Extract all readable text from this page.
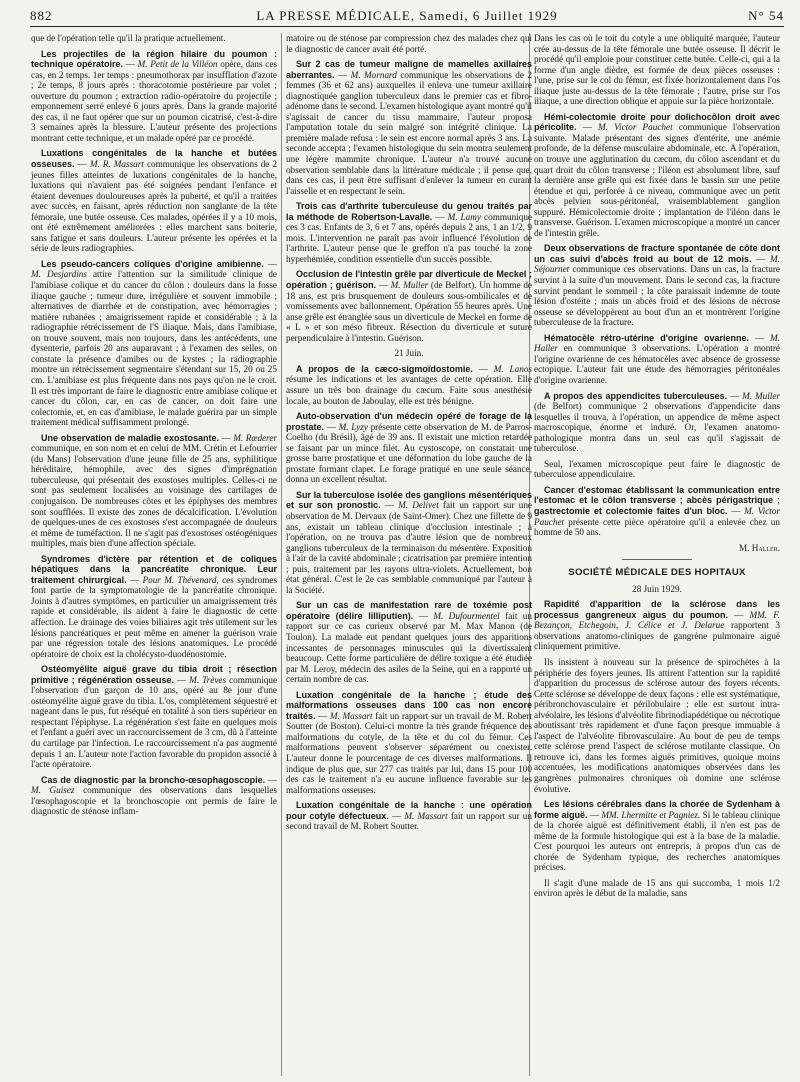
882	LA PRESSE MÉDICALE, Samedi, 6 Juillet 1929	N° 54

que de l'opération telle qu'il la pratique actuellement.

Les projectiles de la région hilaire du poumon : technique opératoire. — M. Petit de la Villéon opère, dans ces cas, en 2 temps. 1er temps : pneumothorax par insufflation d'azote ; 2e temps, 8 jours après : thoracotomie postérieure par volet ; ouverture du poumon ; extraction radio-opératoire du projectile ; emponnement serré enlevé 6 jours après. Dans la grande majorité des cas, il ne faut opérer que sur un poumon cicatrisé, c'est-à-dire 3 semaines après la blessure. L'auteur présente des projections montrant cette technique, et un malade opéré par ce procédé.

Luxations congénitales de la hanche et butées osseuses. — M. R. Massart communique les observations de 2 jeunes filles atteintes de luxations congénitales de la hanche, luxations qui n'avaient pas été soignées pendant l'enfance et étaient devenues douloureuses après la puberté, et qu'il a traitées avec succès, en faisant, après réduction non sanglante de la tête fémorale, une butée osseuse. Ces malades, opérées il y a 10 mois, ont été extrêmement améliorées : elles marchent sans boiterie, sans fatigue et sans douleurs. L'auteur présente les opérées et la série de leurs radiographies.

Les pseudo-cancers coliques d'origine amibienne. — M. Desjardins attire l'attention sur la similitude clinique de l'amibiase colique et du cancer du côlon : douleurs dans la fosse iliaque gauche ; tumeur dure, irrégulière et souvent immobile ; alternatives de diarrhée et de constipation, avec hémorragies ; matière rubanées ; amaigrissement rapide et considérable ; à la radiographie rétrécissement de l'S iliaque. Mais, dans l'amibiase, on trouve souvent, mais non toujours, dans les antécédents, une dysenterie, parfois 20 ans auparavant ; à l'examen des selles, on constate la présence d'amibes ou de kystes ; la radiographie montre un rétrécissement segmentaire s'étendant sur 15, 20 ou 25 cm. L'amibiase est plus fréquente dans nos pays qu'on ne le croit. Il est très important de faire le diagnostic entre amibiase colique et cancer du côlon, car, en cas de cancer, on doit faire une colectomie, et, en cas d'amibiase, le malade guérira par un simple traitement médical suffisamment prolongé.

Une observation de maladie exostosante. — M. Rœderer communique, en son nom et en celui de MM. Crétin et Lefourrier (du Mans) l'observation d'une jeune fille de 25 ans, syphilitique héréditaire, hémophile, avec des signes d'imprégnation tuberculeuse, qui présentait des exostoses multiples. Celles-ci ne sont pas seulement localisées au voisinage des cartilages de conjugaison. De nombreuses côtes et les épiphyses des membres sont soufflées. Il existe des zones de décalcification. L'évolution de quelques-unes de ces exostoses s'est accompagnée de douleurs et même de tuméfaction. Il ne s'agit pas d'exostoses ostéogéniques multiples, mais bien d'une affection spéciale.

Syndromes d'ictère par rétention et de coliques hépatiques dans la pancréatite chronique. Leur traitement chirurgical. — Pour M. Thévenard, ces syndromes font partie de la symptomatologie de la pancréatite chronique. Joints à d'autres symptômes, en particulier un amaigrissement très rapide et considérable, ils aident à faire le diagnostic de cette affection. Le drainage des voies biliaires agit très utilement sur les lésions pancréatiques et peut même en amener la guérison vraie par une régression totale des lésions anatomiques. Le procédé opératoire de choix est la cholécysto-duodénostomie.

Ostéomyélite aiguë grave du tibia droit ; résection primitive ; régénération osseuse. — M. Trèves communique l'observation d'un garçon de 10 ans, opéré au 8e jour d'une ostéomyélite aiguë grave du tibia. L'os, complètement séquestré et nageant dans le pus, fut réséqué en totalité à son tiers supérieur en respectant l'épiphyse. La régénération s'est faite en quelques mois et l'enfant a guéri avec un raccourcissement de 3 cm, dû à l'atteinte du cartilage par l'infection. Le raccourcissement n'a pas augmenté depuis 1 an. L'auteur note l'action favorable du propidon associé à l'acte opératoire.

Cas de diagnostic par la broncho-œsophagoscopie. — M. Guisez communique des observations dans lesquelles l'œsophagoscopie et la bronchoscopie ont permis de faire le diagnostic de sténose inflam-

matoire ou de sténose par compression chez des malades chez qui le diagnostic de cancer avait été porté.

Sur 2 cas de tumeur maligne de mamelles axillaires aberrantes. — M. Mornard communique les observations de 2 femmes (36 et 62 ans) auxquelles il enleva une tumeur axillaire diagnostiquée ganglion tuberculeux dans le premier cas et fibro-adénome dans le second. L'examen histologique ayant montré qu'il s'agissait de cancer du tissu mammaire, l'auteur proposa l'amputation totale du sein malgré son intégrité clinique. La première malade refusa : le sein est encore normal après 3 ans. La seconde accepta ; l'examen histologique du sein montra seulement une légère mammite chronique. L'auteur n'a trouvé aucune observation semblable dans la littérature médicale ; il pense que, dans ces cas, il peut être suffisant d'enlever la tumeur en curant l'aisselle et en respectant le sein.

Trois cas d'arthrite tuberculeuse du genou traités par la méthode de Robertson-Lavalle. — M. Lamy communique ces 3 cas. Enfants de 3, 6 et 7 ans, opérés depuis 2 ans, 1 an 1/2, 9 mois. L'intervention ne paraît pas avoir influencé l'évolution de l'arthrite. L'auteur pense que le greffon n'a pas touché la zone hyperhémiée, condition essentielle d'un succès possible.

Occlusion de l'intestin grêle par diverticule de Meckel ; opération ; guérison. — M. Muller (de Belfort). Un homme de 18 ans, est pris brusquement de douleurs sous-ombilicales et de vomissements avec ballonnement. Opération 55 heures après. Une anse grêle est étranglée sous un diverticule de Meckel en forme de « L » et son méso fibreux. Résection du diverticule et suture perpendiculaire à l'intestin. Guérison.

21 Juin.

A propos de la cæco-sigmoïdostomie. — M. Lanos résume les indications et les avantages de cette opération. Elle assure un très bon drainage du cæcum. Faite sous anesthésie locale, au bouton de Jaboulay, elle est très bénigne.

Auto-observation d'un médecin opéré de forage de la prostate. — M. Lyzy présente cette observation de M. de Parros-Coelho (du Brésil), âgé de 39 ans. Il existait une miction retardée se faisant par un mince filet. Au cystoscope, on constatait une grosse barre prostatique et une déformation du lobe gauche de la prostate formant clapet. Le forage pratiqué en une seule séance, donna un excellent résultat.

Sur la tuberculose isolée des ganglions mésentériques et sur son pronostic. — M. Delivet fait un rapport sur une observation de M. Dervaux (de Saint-Omer). Chez une fillette de 9 ans, existait un tableau clinique d'occlusion intestinale ; à l'opération, on ne trouva pas d'autre lésion que de nombreux ganglions tuberculeux de la terminaison du mésentère. Exposition à l'air de la cavité abdominale ; cicatrisation par première intention ; puis, traitement par les rayons ultra-violets. Actuellement, bon état général. C'est le 2e cas semblable communiqué par l'auteur à la Société.

Sur un cas de manifestation rare de toxémie post opératoire (délire lilliputien). — M. Dufourmentel fait un rapport sur ce cas curieux observé par M. Max Manon (de Toulon). La malade eut pendant quelques jours des apparitions incessantes de personnages minuscules qui la divertissaient beaucoup. Cette forme particulière de délire toxique a été étudiée par M. Leroy, médecin des asiles de la Seine, qui en a rapporté un certain nombre de cas.

Luxation congénitale de la hanche ; étude des malformations osseuses dans 100 cas non encore traités. — M. Massart fait un rapport sur un travail de M. Robert Soutter (de Boston). Celui-ci montre la très grande fréquence des malformations du cotyle, de la tête et du col du fémur. Ces malformations peuvent s'observer séparément ou coexister. L'auteur donne le pourcentage de ces diverses malformations. Il indique de plus que, sur 277 cas traités par lui, dans 15 pour 100 des cas le traitement n'a eu aucune influence favorable sur les malformations osseuses.

Luxation congénitale de la hanche : une opération pour cotyle défectueux. — M. Massart fait un rapport sur un second travail de M. Robert Soutter.

Dans les cas où le toit du cotyle a une obliquité marquée, l'auteur crée au-dessus de la tête fémorale une butée osseuse. Il décrit le procédé qu'il emploie pour constituer cette butée. Celle-ci, qui a la forme d'un angle dièdre, est formée de deux pièces osseuses : l'une, prise sur le col du fémur, est fixée horizontalement dans l'os iliaque juste au-dessus de la tête fémorale ; l'autre, prise sur l'os iliaque, a une direction oblique et appuie sur la pièce horizontale.

Hémi-colectomie droite pour dolichocôlon droit avec péricolite. — M. Victor Pauchet communique l'observation suivante. Malade présentant des signes d'entérite, une anémie profonde, de la défense musculaire abdominale, etc. A l'opération, on trouve une agglutination du cæcum, du côlon ascendant et du quart droit du côlon transverse ; l'iléon est absolument libre, sauf la dernière anse grêle qui est fixée dans le bassin sur une petite étendue et qui, perforée à ce niveau, communique avec un petit abcès pelvien sous-péritonéal, vraisemblablement ganglion suppuré. Hémicolectomie droite ; implantation de l'iléon dans le transverse. Guérison. L'examen microscopique a montré un cancer de l'intestin grêle.

Deux observations de fracture spontanée de côte dont un cas suivi d'abcès froid au bout de 12 mois. — M. Séjournet communique ces observations. Dans un cas, la fracture survint à la suite d'un mouvement. Dans le second cas, la fracture survint pendant le sommeil ; la côte paraissait indemne de toute lésion d'ostéite ; mais un abcès froid et des lésions de nécrose osseuse se développèrent au bout d'un an et montrèrent l'origine tuberculeuse de la fracture.

Hématocèle rétro-utérine d'origine ovarienne. — M. Haller en communique 3 observations. L'opération a montré l'origine ovarienne de ces hématocèles avec absence de grossesse ectopique. L'auteur fait une étude des hémorragies péritonéales d'origine ovarienne.

A propos des appendicites tuberculeuses. — M. Muller (de Belfort) communique 2 observations d'appendicite dans lesquelles il trouva, à l'opération, un appendice de même aspect macroscopique, énorme et induré. Or, l'examen anatomo-pathologique montra dans un seul cas qu'il s'agissait de tuberculose.

Seul, l'examen microscopique peut faire le diagnostic de tuberculose appendiculaire.

Cancer d'estomac établissant la communication entre l'estomac et le côlon transverse ; abcès périgastrique ; gastrectomie et colectomie faites d'un bloc. — M. Victor Pauchet présente cette pièce opératoire qu'il a enlevée chez un homme de 50 ans.

M. Haller.

SOCIÉTÉ MÉDICALE DES HOPITAUX

28 Juin 1929.

Rapidité d'apparition de la sclérose dans les processus gangreneux aigus du poumon. — MM. F. Bezançon, Etchegoin, J. Célice et J. Delarue rapportent 3 observations anatomo-cliniques de gangrène pulmonaire aiguë cliniquement primitive.

Ils insistent à nouveau sur la présence de spirochètes à la périphérie des foyers jeunes. Ils attirent l'attention sur la rapidité d'apparition du processus de sclérose autour des foyers récents. Cette sclérose se développe de deux façons : elle est systématique, péribronchovasculaire et périlobulaire ; elle est surtout intra-alvéolaire, les lésions d'alvéolite fibrinodiapédétique ou nécrotique aboutissant très rapidement et d'une façon presque immuable à l'aspect de l'alvéolite fibrovasculaire. Au bout de peu de temps cette sclérose prend l'aspect de sclérose mutilante classique. On retrouve ici, dans les formes aiguës primitives, quoique moins accentuées, les modifications anatomiques observées dans les gangrènes pulmonaires chroniques où domine une sclérose évolutive.

Les lésions cérébrales dans la chorée de Sydenham à forme aiguë. — MM. Lhermitte et Pagniez. Si le tableau clinique de la chorée aiguë est définitivement établi, il n'en est pas de même de la formule histologique qui est à la base de la maladie. C'est pourquoi les auteurs ont entrepris, à propos d'un cas de chorée de Sydenham typique, des recherches anatomiques précises.

Il s'agit d'une malade de 15 ans qui succomba, 1 mois 1/2 environ après le début de la maladie, sans
